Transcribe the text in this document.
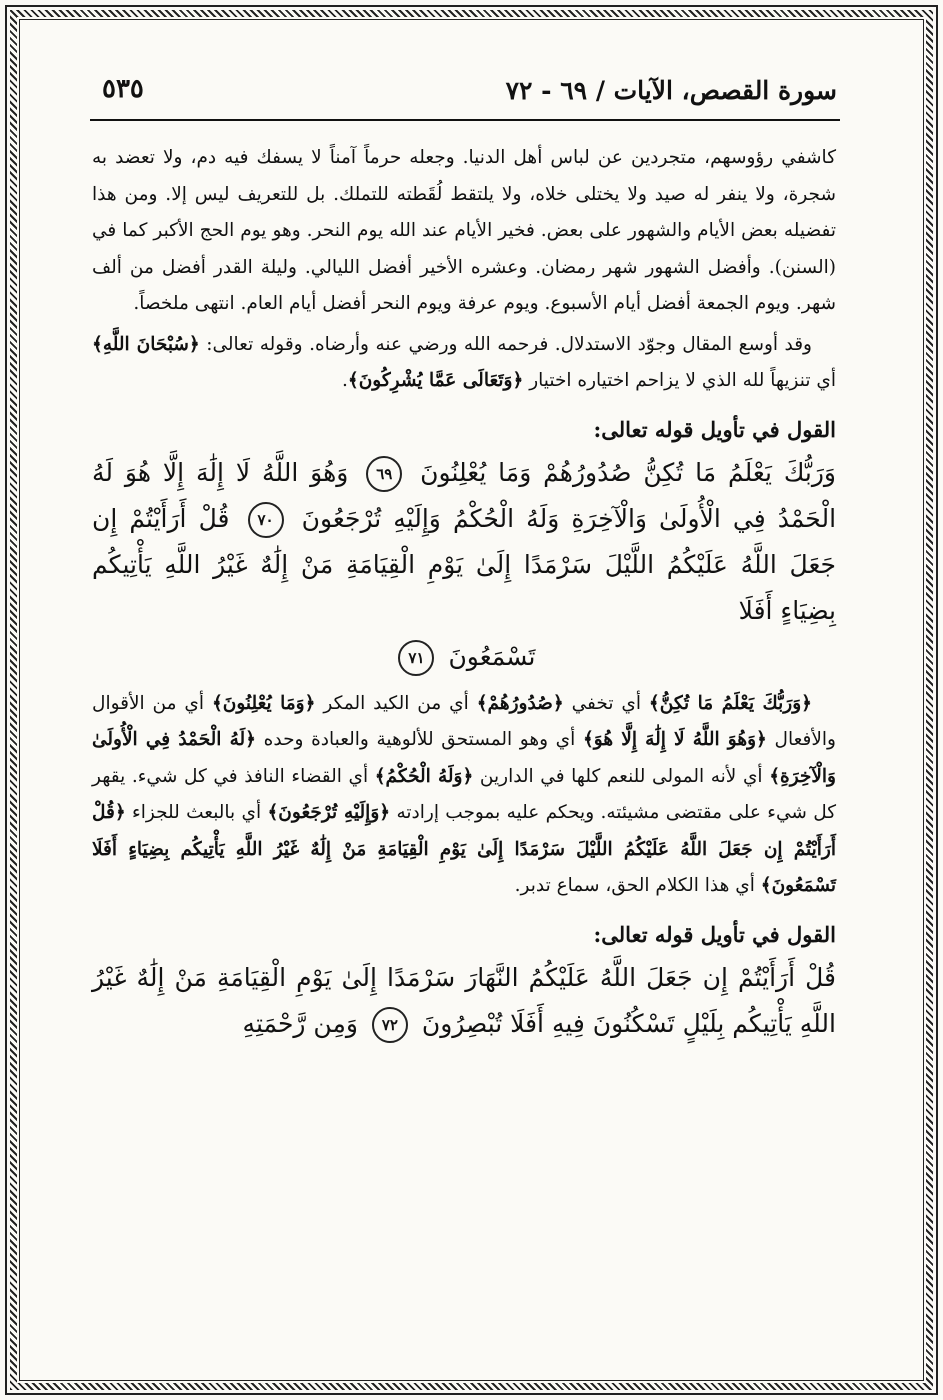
سورة القصص، الآيات / ٦٩ - ٧٢
٥٣٥

كاشفي رؤوسهم، متجردين عن لباس أهل الدنيا. وجعله حرماً آمناً لا يسفك فيه دم، ولا تعضد به شجرة، ولا ينفر له صيد ولا يختلى خلاه، ولا يلتقط لُقَطته للتملك. بل للتعريف ليس إلا. ومن هذا تفضيله بعض الأيام والشهور على بعض. فخير الأيام عند الله يوم النحر. وهو يوم الحج الأكبر كما في (السنن). وأفضل الشهور شهر رمضان. وعشره الأخير أفضل الليالي. وليلة القدر أفضل من ألف شهر. ويوم الجمعة أفضل أيام الأسبوع. ويوم عرفة ويوم النحر أفضل أيام العام. انتهى ملخصاً.

وقد أوسع المقال وجوّد الاستدلال. فرحمه الله ورضي عنه وأرضاه. وقوله تعالى: ﴿سُبْحَانَ اللَّهِ﴾ أي تنزيهاً لله الذي لا يزاحم اختياره اختيار ﴿وَتَعَالَى عَمَّا يُشْرِكُونَ﴾.

القول في تأويل قوله تعالى:

وَرَبُّكَ يَعْلَمُ مَا تُكِنُّ صُدُورُهُمْ وَمَا يُعْلِنُونَ ٦٩ وَهُوَ اللَّهُ لَا إِلَٰهَ إِلَّا هُوَ لَهُ الْحَمْدُ فِي الْأُولَىٰ وَالْآخِرَةِ وَلَهُ الْحُكْمُ وَإِلَيْهِ تُرْجَعُونَ ٧٠ قُلْ أَرَأَيْتُمْ إِن جَعَلَ اللَّهُ عَلَيْكُمُ اللَّيْلَ سَرْمَدًا إِلَىٰ يَوْمِ الْقِيَامَةِ مَنْ إِلَٰهٌ غَيْرُ اللَّهِ يَأْتِيكُم بِضِيَاءٍ أَفَلَا

تَسْمَعُونَ ٧١

﴿وَرَبُّكَ يَعْلَمُ مَا تُكِنُّ﴾ أي تخفي ﴿صُدُورُهُمْ﴾ أي من الكيد المكر ﴿وَمَا يُعْلِنُونَ﴾ أي من الأقوال والأفعال ﴿وَهُوَ اللَّهُ لَا إِلَٰهَ إِلَّا هُوَ﴾ أي وهو المستحق للألوهية والعبادة وحده ﴿لَهُ الْحَمْدُ فِي الْأُولَىٰ وَالْآخِرَةِ﴾ أي لأنه المولى للنعم كلها في الدارين ﴿وَلَهُ الْحُكْمُ﴾ أي القضاء النافذ في كل شيء. يقهر كل شيء على مقتضى مشيئته. ويحكم عليه بموجب إرادته ﴿وَإِلَيْهِ تُرْجَعُونَ﴾ أي بالبعث للجزاء ﴿قُلْ أَرَأَيْتُمْ إِن جَعَلَ اللَّهُ عَلَيْكُمُ اللَّيْلَ سَرْمَدًا إِلَىٰ يَوْمِ الْقِيَامَةِ مَنْ إِلَٰهٌ غَيْرُ اللَّهِ يَأْتِيكُم بِضِيَاءٍ أَفَلَا تَسْمَعُونَ﴾ أي هذا الكلام الحق، سماع تدبر.

القول في تأويل قوله تعالى:

قُلْ أَرَأَيْتُمْ إِن جَعَلَ اللَّهُ عَلَيْكُمُ النَّهَارَ سَرْمَدًا إِلَىٰ يَوْمِ الْقِيَامَةِ مَنْ إِلَٰهٌ غَيْرُ اللَّهِ يَأْتِيكُم بِلَيْلٍ تَسْكُنُونَ فِيهِ أَفَلَا تُبْصِرُونَ ٧٢ وَمِن رَّحْمَتِهِ
